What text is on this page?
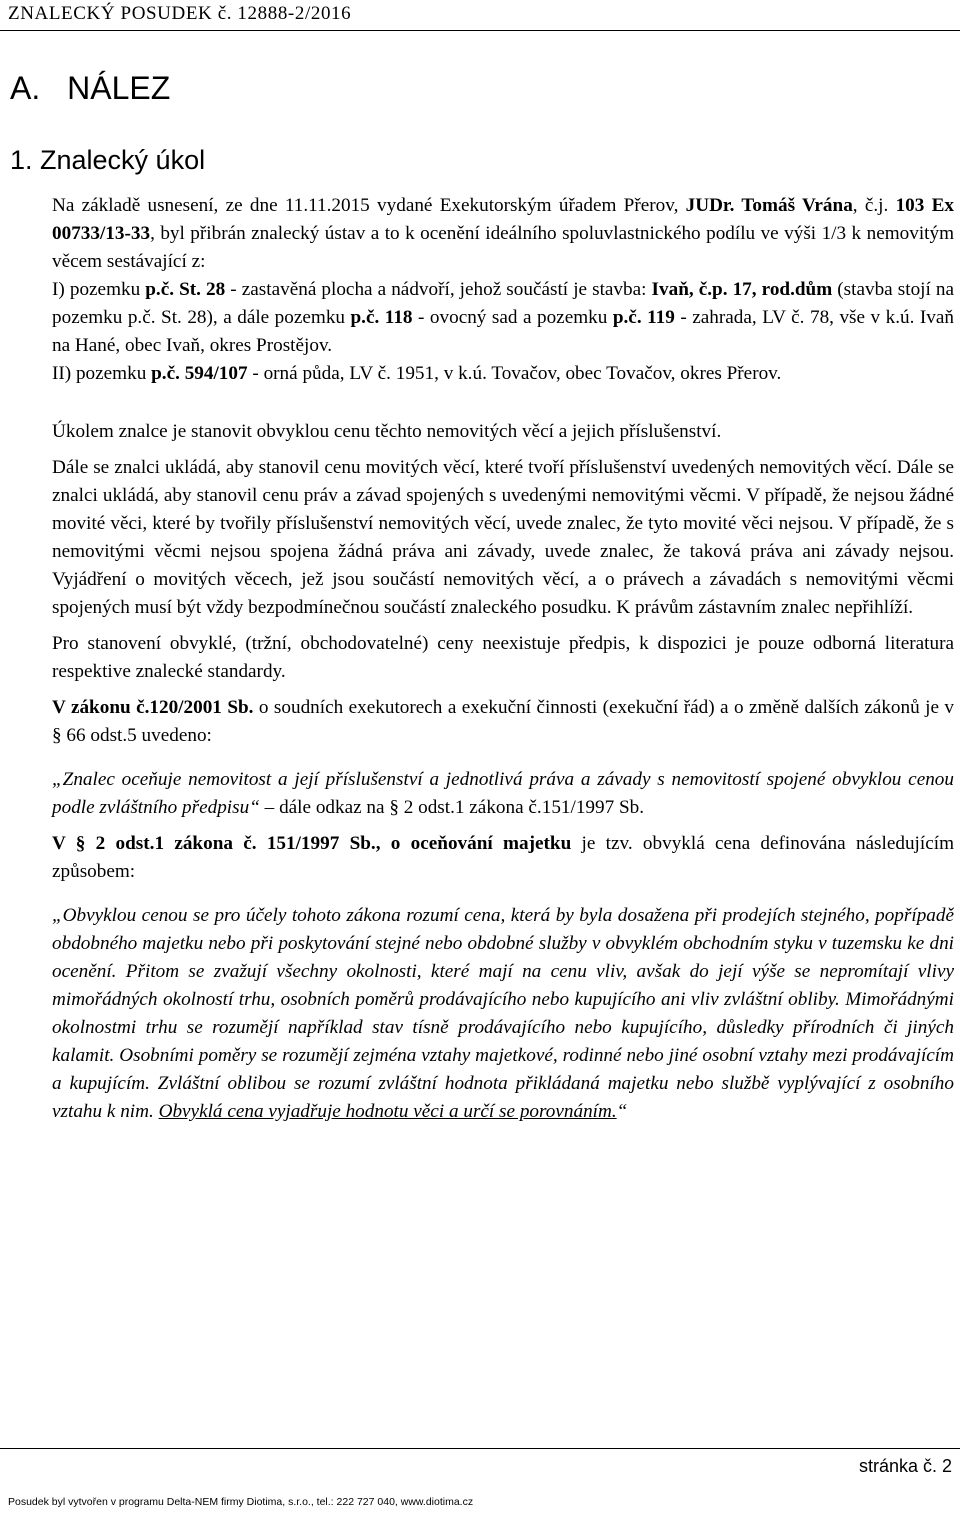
ZNALECKÝ POSUDEK č. 12888-2/2016
A. NÁLEZ
1. Znalecký úkol

Na základě usnesení, ze dne 11.11.2015 vydané Exekutorským úřadem Přerov, JUDr. Tomáš Vrána, č.j. 103 Ex 00733/13-33, byl přibrán znalecký ústav a to k ocenění ideálního spoluvlastnického podílu ve výši 1/3 k nemovitým věcem sestávající z:

I) pozemku p.č. St. 28 - zastavěná plocha a nádvoří, jehož součástí je stavba: Ivaň, č.p. 17, rod.dům (stavba stojí na pozemku p.č. St. 28), a dále pozemku p.č. 118 - ovocný sad a pozemku p.č. 119 - zahrada, LV č. 78, vše v k.ú. Ivaň na Hané, obec Ivaň, okres Prostějov.

II) pozemku p.č. 594/107 - orná půda, LV č. 1951, v k.ú. Tovačov, obec Tovačov, okres Přerov.

Úkolem znalce je stanovit obvyklou cenu těchto nemovitých věcí a jejich příslušenství.

Dále se znalci ukládá, aby stanovil cenu movitých věcí, které tvoří příslušenství uvedených nemovitých věcí. Dále se znalci ukládá, aby stanovil cenu práv a závad spojených s uvedenými nemovitými věcmi. V případě, že nejsou žádné movité věci, které by tvořily příslušenství nemovitých věcí, uvede znalec, že tyto movité věci nejsou. V případě, že s nemovitými věcmi nejsou spojena žádná práva ani závady, uvede znalec, že taková práva ani závady nejsou. Vyjádření o movitých věcech, jež jsou součástí nemovitých věcí, a o právech a závadách s nemovitými věcmi spojených musí být vždy bezpodmínečnou součástí znaleckého posudku. K právům zástavním znalec nepřihlíží.

Pro stanovení obvyklé, (tržní, obchodovatelné) ceny neexistuje předpis, k dispozici je pouze odborná literatura respektive znalecké standardy.

V zákonu č.120/2001 Sb. o soudních exekutorech a exekuční činnosti (exekuční řád) a o změně dalších zákonů je v § 66 odst.5 uvedeno:

„Znalec oceňuje nemovitost a její příslušenství a jednotlivá práva a závady s nemovitostí spojené obvyklou cenou podle zvláštního předpisu“ – dále odkaz na § 2 odst.1 zákona č.151/1997 Sb.

V § 2 odst.1 zákona č. 151/1997 Sb., o oceňování majetku je tzv. obvyklá cena definována následujícím způsobem:

„Obvyklou cenou se pro účely tohoto zákona rozumí cena, která by byla dosažena při prodejích stejného, popřípadě obdobného majetku nebo při poskytování stejné nebo obdobné služby v obvyklém obchodním styku v tuzemsku ke dni ocenění. Přitom se zvažují všechny okolnosti, které mají na cenu vliv, avšak do její výše se nepromítají vlivy mimořádných okolností trhu, osobních poměrů prodávajícího nebo kupujícího ani vliv zvláštní obliby. Mimořádnými okolnostmi trhu se rozumějí například stav tísně prodávajícího nebo kupujícího, důsledky přírodních či jiných kalamit. Osobními poměry se rozumějí zejména vztahy majetkové, rodinné nebo jiné osobní vztahy mezi prodávajícím a kupujícím. Zvláštní oblibou se rozumí zvláštní hodnota přikládaná majetku nebo službě vyplývající z osobního vztahu k nim. Obvyklá cena vyjadřuje hodnotu věci a určí se porovnáním.“

stránka č. 2
Posudek byl vytvořen v programu Delta-NEM firmy Diotima, s.r.o., tel.: 222 727 040, www.diotima.cz
